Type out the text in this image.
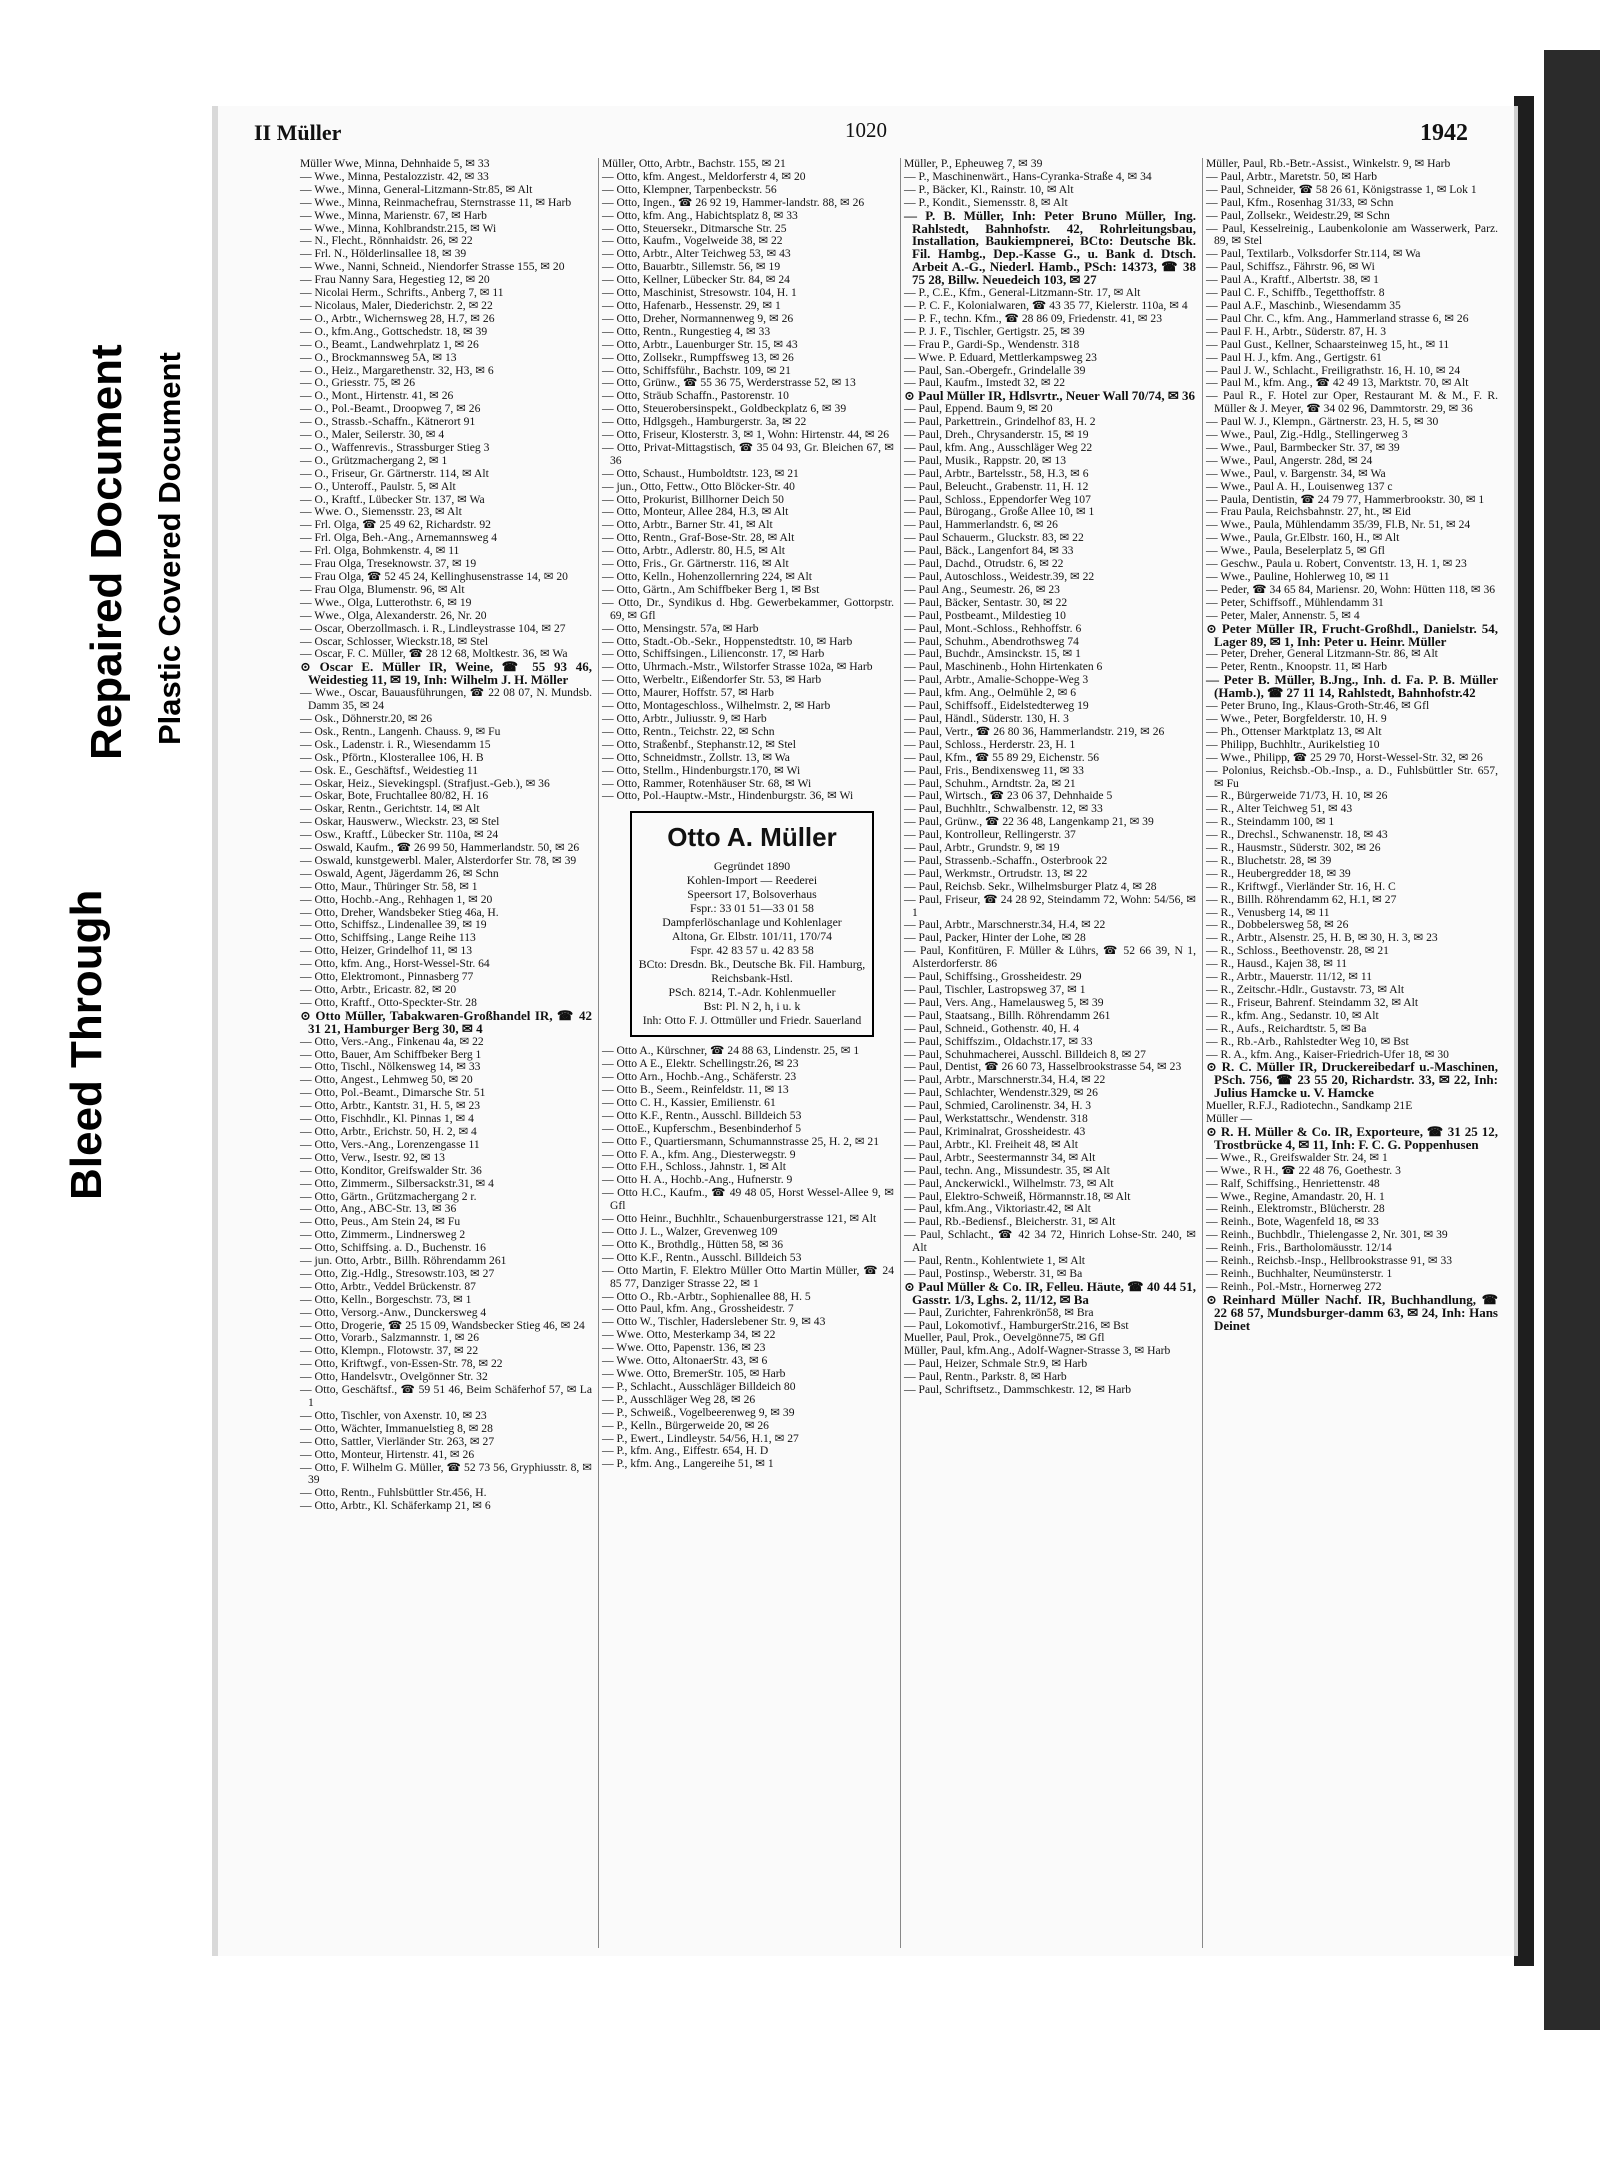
Bleed Through
Repaired Document Plastic Covered Document
II Müller	1020	1942
Müller Wwe, Minna, Dehnhaide 5, ✉ 33
— Wwe., Minna, Pestalozzistr. 42, ✉ 33
— Wwe., Minna, General-Litzmann-Str.85, ✉ Alt
— Wwe., Minna, Reinmachefrau, Sternstrasse 11, ✉ Harb
— Wwe., Minna, Marienstr. 67, ✉ Harb
— Wwe., Minna, Kohlbrandstr.215, ✉ Wi
— N., Flecht., Rönnhaidstr. 26, ✉ 22
— Frl. N., Hölderlinsallee 18, ✉ 39
— Wwe., Nanni, Schneid., Niendorfer Strasse 155, ✉ 20
— Frau Nanny Sara, Hegestieg 12, ✉ 20
— Nicolai Herm., Schrifts., Anberg 7, ✉ 11
— Nicolaus, Maler, Diederichstr. 2, ✉ 22
— O., Arbtr., Wichernsweg 28, H.7, ✉ 26
— O., kfm.Ang., Gottschedstr. 18, ✉ 39
— O., Beamt., Landwehrplatz 1, ✉ 26
— O., Brockmannsweg 5A, ✉ 13
— O., Heiz., Margarethenstr. 32, H3, ✉ 6
— O., Griesstr. 75, ✉ 26
— O., Mont., Hirtenstr. 41, ✉ 26
— O., Pol.-Beamt., Droopweg 7, ✉ 26
— O., Strassb.-Schaffn., Kätnerort 91
— O., Maler, Seilerstr. 30, ✉ 4
— O., Waffenrevis., Strassburger Stieg 3
— O., Grützmachergang 2, ✉ 1
— O., Friseur, Gr. Gärtnerstr. 114, ✉ Alt
— O., Unteroff., Paulstr. 5, ✉ Alt
— O., Kraftf., Lübecker Str. 137, ✉ Wa
— Wwe. O., Siemensstr. 23, ✉ Alt
— Frl. Olga, ☎ 25 49 62, Richardstr. 92
— Frl. Olga, Beh.-Ang., Arnemannsweg 4
— Frl. Olga, Bohmkenstr. 4, ✉ 11
— Frau Olga, Treseknowstr. 37, ✉ 19
— Frau Olga, ☎ 52 45 24, Kellinghusenstrasse 14, ✉ 20
— Frau Olga, Blumenstr. 96, ✉ Alt
— Wwe., Olga, Lutterothstr. 6, ✉ 19
— Wwe., Olga, Alexanderstr. 26, Nr. 20
— Oscar, Oberzollmasch. i. R., Lindleystrasse 104, ✉ 27
— Oscar, Schlosser, Wieckstr.18, ✉ Stel
— Oscar, F. C. Müller, ☎ 28 12 68, Moltkestr. 36, ✉ Wa
⊙ Oscar E. Müller IR, Weine, ☎ 55 93 46, Weidestieg 11, ✉ 19, Inh: Wilhelm J. H. Möller
— Wwe., Oscar, Bauausführungen, ☎ 22 08 07, N. Mundsb. Damm 35, ✉ 24
— Osk., Döhnerstr.20, ✉ 26
— Osk., Rentn., Langenh. Chauss. 9, ✉ Fu
— Osk., Ladenstr. i. R., Wiesendamm 15
— Osk., Pförtn., Klosterallee 106, H. B
— Osk. E., Geschäftsf., Weidestieg 11
— Oskar, Heiz., Sievekingspl. (Strafjust.-Geb.), ✉ 36
— Oskar, Bote, Fruchtallee 80/82, H. 16
— Oskar, Rentn., Gerichtstr. 14, ✉ Alt
— Oskar, Hauswerw., Wieckstr. 23, ✉ Stel
— Osw., Kraftf., Lübecker Str. 110a, ✉ 24
— Oswald, Kaufm., ☎ 26 99 50, Hammerlandstr. 50, ✉ 26
— Oswald, kunstgewerbl. Maler, Alsterdorfer Str. 78, ✉ 39
— Oswald, Agent, Jägerdamm 26, ✉ Schn
— Otto, Maur., Thüringer Str. 58, ✉ 1
— Otto, Hochb.-Ang., Rehhagen 1, ✉ 20
— Otto, Dreher, Wandsbeker Stieg 46a, H.
— Otto, Schiffsz., Lindenallee 39, ✉ 19
— Otto, Schiffsing., Lange Reihe 113
— Otto, Heizer, Grindelhof 11, ✉ 13
— Otto, kfm. Ang., Horst-Wessel-Str. 64
— Otto, Elektromont., Pinnasberg 77
— Otto, Arbtr., Ericastr. 82, ✉ 20
— Otto, Kraftf., Otto-Speckter-Str. 28
⊙ Otto Müller, Tabakwaren-Großhandel IR, ☎ 42 31 21, Hamburger Berg 30, ✉ 4
— Otto, Vers.-Ang., Finkenau 4a, ✉ 22
— Otto, Bauer, Am Schiffbeker Berg 1
— Otto, Tischl., Nölkensweg 14, ✉ 33
— Otto, Angest., Lehmweg 50, ✉ 20
— Otto, Pol.-Beamt., Dimarsche Str. 51
— Otto, Arbtr., Kantstr. 31, H. 5, ✉ 23
— Otto, Fischhdlr., Kl. Pinnas 1, ✉ 4
— Otto, Arbtr., Erichstr. 50, H. 2, ✉ 4
— Otto, Vers.-Ang., Lorenzengasse 11
— Otto, Verw., Isestr. 92, ✉ 13
— Otto, Konditor, Greifswalder Str. 36
— Otto, Zimmerm., Silbersackstr.31, ✉ 4
— Otto, Gärtn., Grützmachergang 2 r.
— Otto, Ang., ABC-Str. 13, ✉ 36
— Otto, Peus., Am Stein 24, ✉ Fu
— Otto, Zimmerm., Lindnersweg 2
— Otto, Schiffsing. a. D., Buchenstr. 16
— jun. Otto, Arbtr., Billh. Röhrendamm 261
— Otto, Zig.-Hdlg., Stresowstr.103, ✉ 27
— Otto, Arbtr., Veddel Brückenstr. 87
— Otto, Kelln., Borgeschstr. 73, ✉ 1
— Otto, Versorg.-Anw., Dunckersweg 4
— Otto, Drogerie, ☎ 25 15 09, Wandsbecker Stieg 46, ✉ 24
— Otto, Vorarb., Salzmannstr. 1, ✉ 26
— Otto, Klempn., Flotowstr. 37, ✉ 22
— Otto, Kriftwgf., von-Essen-Str. 78, ✉ 22
— Otto, Handelsvtr., Ovelgönner Str. 32
— Otto, Geschäftsf., ☎ 59 51 46, Beim Schäferhof 57, ✉ La 1
— Otto, Tischler, von Axenstr. 10, ✉ 23
— Otto, Wächter, Immanuelstieg 8, ✉ 28
— Otto, Sattler, Vierländer Str. 263, ✉ 27
— Otto, Monteur, Hirtenstr. 41, ✉ 26
— Otto, F. Wilhelm G. Müller, ☎ 52 73 56, Gryphiusstr. 8, ✉ 39
— Otto, Rentn., Fuhlsbüttler Str.456, H.
— Otto, Arbtr., Kl. Schäferkamp 21, ✉ 6
Müller, Otto, Arbtr., Bachstr. 155, ✉ 21
— Otto, kfm. Angest., Meldorferstr 4, ✉ 20
— Otto, Klempner, Tarpenbeckstr. 56
— Otto, Ingen., ☎ 26 92 19, Hammer-landstr. 88, ✉ 26
— Otto, kfm. Ang., Habichtsplatz 8, ✉ 33
— Otto, Steuersekr., Ditmarsche Str. 25
— Otto, Kaufm., Vogelweide 38, ✉ 22
— Otto, Arbtr., Alter Teichweg 53, ✉ 43
— Otto, Bauarbtr., Sillemstr. 56, ✉ 19
— Otto, Kellner, Lübecker Str. 84, ✉ 24
— Otto, Maschinist, Stresowstr. 104, H. 1
— Otto, Hafenarb., Hessenstr. 29, ✉ 1
— Otto, Dreher, Normannenweg 9, ✉ 26
— Otto, Rentn., Rungestieg 4, ✉ 33
— Otto, Arbtr., Lauenburger Str. 15, ✉ 43
— Otto, Zollsekr., Rumpffsweg 13, ✉ 26
— Otto, Schiffsführ., Bachstr. 109, ✉ 21
— Otto, Grünw., ☎ 55 36 75, Werderstrasse 52, ✉ 13
— Otto, Sträub Schaffn., Pastorenstr. 10
— Otto, Steuerobersinspekt., Goldbeckplatz 6, ✉ 39
— Otto, Hdlgsgeh., Hamburgerstr. 3a, ✉ 22
— Otto, Friseur, Klosterstr. 3, ✉ 1, Wohn: Hirtenstr. 44, ✉ 26
— Otto, Privat-Mittagstisch, ☎ 35 04 93, Gr. Bleichen 67, ✉ 36
— Otto, Schaust., Humboldtstr. 123, ✉ 21
— jun., Otto, Fettw., Otto Blöcker-Str. 40
— Otto, Prokurist, Billhorner Deich 50
— Otto, Monteur, Allee 284, H.3, ✉ Alt
— Otto, Arbtr., Barner Str. 41, ✉ Alt
— Otto, Rentn., Graf-Bose-Str. 28, ✉ Alt
— Otto, Arbtr., Adlerstr. 80, H.5, ✉ Alt
— Otto, Fris., Gr. Gärtnerstr. 116, ✉ Alt
— Otto, Kelln., Hohenzollernring 224, ✉ Alt
— Otto, Gärtn., Am Schiffbeker Berg 1, ✉ Bst
— Otto, Dr., Syndikus d. Hbg. Gewerbekammer, Gottorpstr. 69, ✉ Gfl
— Otto, Mensingstr. 57a, ✉ Harb
— Otto, Stadt.-Ob.-Sekr., Hoppenstedtstr. 10, ✉ Harb
— Otto, Schiffsingen., Lilienconstr. 17, ✉ Harb
— Otto, Uhrmach.-Mstr., Wilstorfer Strasse 102a, ✉ Harb
— Otto, Werbeltr., Eißendorfer Str. 53, ✉ Harb
— Otto, Maurer, Hoffstr. 57, ✉ Harb
— Otto, Montageschloss., Wilhelmstr. 2, ✉ Harb
— Otto, Arbtr., Juliusstr. 9, ✉ Harb
— Otto, Rentn., Teichstr. 22, ✉ Schn
— Otto, Straßenbf., Stephanstr.12, ✉ Stel
— Otto, Schneidmstr., Zollstr. 13, ✉ Wa
— Otto, Stellm., Hindenburgstr.170, ✉ Wi
— Otto, Rammer, Rotenhäuser Str. 68, ✉ Wi
— Otto, Pol.-Hauptw.-Mstr., Hindenburgstr. 36, ✉ Wi
Otto A. Müller
Gegründet 1890
Kohlen-Import — Reederei
Speersort 17, Bolsoverhaus
Fspr.: 33 01 51—33 01 58
Dampferlöschanlage und Kohlenlager
Altona, Gr. Elbstr. 101/11, 170/74
Fspr. 42 83 57 u. 42 83 58
BCto: Dresdn. Bk., Deutsche Bk. Fil. Hamburg, Reichsbank-Hstl.
PSch. 8214, T.-Adr. Kohlenmueller
Bst: Pl. N 2, h, i u. k
Inh: Otto F. J. Ottmüller und Friedr. Sauerland
— Otto A., Kürschner, ☎ 24 88 63, Lindenstr. 25, ✉ 1
— Otto A E., Elektr. Schellingstr.26, ✉ 23
— Otto Arn., Hochb.-Ang., Schäferstr. 23
— Otto B., Seem., Reinfeldstr. 11, ✉ 13
— Otto C. H., Kassier, Emilienstr. 61
— Otto K.F., Rentn., Ausschl. Billdeich 53
— OttoE., Kupferschm., Besenbinderhof 5
— Otto F., Quartiersmann, Schumannstrasse 25, H. 2, ✉ 21
— Otto F. A., kfm. Ang., Diesterwegstr. 9
— Otto F.H., Schloss., Jahnstr. 1, ✉ Alt
— Otto H. A., Hochb.-Ang., Hufnerstr. 9
— Otto H.C., Kaufm., ☎ 49 48 05, Horst Wessel-Allee 9, ✉ Gfl
— Otto Heinr., Buchhltr., Schauenburgerstrasse 121, ✉ Alt
— Otto J. L., Walzer, Grevenweg 109
— Otto K., Brothdlg., Hütten 58, ✉ 36
— Otto K.F., Rentn., Ausschl. Billdeich 53
— Otto Martin, F. Elektro Müller Otto Martin Müller, ☎ 24 85 77, Danziger Strasse 22, ✉ 1
— Otto O., Rb.-Arbtr., Sophienallee 88, H. 5
— Otto Paul, kfm. Ang., Grossheidestr. 7
— Otto W., Tischler, Haderslebener Str. 9, ✉ 43
— Wwe. Otto, Mesterkamp 34, ✉ 22
— Wwe. Otto, Papenstr. 136, ✉ 23
— Wwe. Otto, AltonaerStr. 43, ✉ 6
— Wwe. Otto, BremerStr. 105, ✉ Harb
— P., Schlacht., Ausschläger Billdeich 80
— P., Ausschläger Weg 28, ✉ 26
— P., Schweiß., Vogelbeerenweg 9, ✉ 39
— P., Kelln., Bürgerweide 20, ✉ 26
— P., Ewert., Lindleystr. 54/56, H.1, ✉ 27
— P., kfm. Ang., Eiffestr. 654, H. D
— P., kfm. Ang., Langereihe 51, ✉ 1
Müller, P., Epheuweg 7, ✉ 39
— P., Maschinenwärt., Hans-Cyranka-Straße 4, ✉ 34
— P., Bäcker, Kl., Rainstr. 10, ✉ Alt
— P., Kondit., Siemensstr. 8, ✉ Alt
— P. B. Müller, Inh: Peter Bruno Müller, Ing. Rahlstedt, Bahnhofstr. 42, Rohrleitungsbau, Installation, Baukiempnerei, BCto: Deutsche Bk. Fil. Hambg., Dep.-Kasse G., u. Bank d. Dtsch. Arbeit A.-G., Niederl. Hamb., PSch: 14373, ☎ 38 75 28, Billw. Neuedeich 103, ✉ 27
— P., C.E., Kfm., General-Litzmann-Str. 17, ✉ Alt
— P. C. F., Kolonialwaren, ☎ 43 35 77, Kielerstr. 110a, ✉ 4
— P. F., techn. Kfm., ☎ 28 86 09, Friedenstr. 41, ✉ 23
— P. J. F., Tischler, Gertigstr. 25, ✉ 39
— Frau P., Gardi-Sp., Wendenstr. 318
— Wwe. P. Eduard, Mettlerkampsweg 23
— Paul, San.-Obergefr., Grindelalle 39
— Paul, Kaufm., Imstedt 32, ✉ 22
⊙ Paul Müller IR, Hdlsvrtr., Neuer Wall 70/74, ✉ 36
— Paul, Eppend. Baum 9, ✉ 20
— Paul, Parkettrein., Grindelhof 83, H. 2
— Paul, Dreh., Chrysanderstr. 15, ✉ 19
— Paul, kfm. Ang., Ausschläger Weg 22
— Paul, Musik., Rappstr. 20, ✉ 13
— Paul, Arbtr., Bartelsstr., 58, H.3, ✉ 6
— Paul, Beleucht., Grabenstr. 11, H. 12
— Paul, Schloss., Eppendorfer Weg 107
— Paul, Bürogang., Große Allee 10, ✉ 1
— Paul, Hammerlandstr. 6, ✉ 26
— Paul Schauerm., Gluckstr. 83, ✉ 22
— Paul, Bäck., Langenfort 84, ✉ 33
— Paul, Dachd., Otrudstr. 6, ✉ 22
— Paul, Autoschloss., Weidestr.39, ✉ 22
— Paul Ang., Seumestr. 26, ✉ 23
— Paul, Bäcker, Sentastr. 30, ✉ 22
— Paul, Postbeamt., Mildestieg 10
— Paul, Mont.-Schloss., Rehhoffstr. 6
— Paul, Schuhm., Abendrothsweg 74
— Paul, Buchdr., Amsinckstr. 15, ✉ 1
— Paul, Maschinenb., Hohn Hirtenkaten 6
— Paul, Arbtr., Amalie-Schoppe-Weg 3
— Paul, kfm. Ang., Oelmühle 2, ✉ 6
— Paul, Schiffsoff., Eidelstedterweg 19
— Paul, Händl., Süderstr. 130, H. 3
— Paul, Vertr., ☎ 26 80 36, Hammerlandstr. 219, ✉ 26
— Paul, Schloss., Herderstr. 23, H. 1
— Paul, Kfm., ☎ 55 89 29, Eichenstr. 56
— Paul, Fris., Bendixensweg 11, ✉ 33
— Paul, Schuhm., Arndtstr. 2a, ✉ 21
— Paul, Wirtsch., ☎ 23 06 37, Dehnhaide 5
— Paul, Buchhltr., Schwalbenstr. 12, ✉ 33
— Paul, Grünw., ☎ 22 36 48, Langenkamp 21, ✉ 39
— Paul, Kontrolleur, Rellingerstr. 37
— Paul, Arbtr., Grundstr. 9, ✉ 19
— Paul, Strassenb.-Schaffn., Osterbrook 22
— Paul, Werkmstr., Ortrudstr. 13, ✉ 22
— Paul, Reichsb. Sekr., Wilhelmsburger Platz 4, ✉ 28
— Paul, Friseur, ☎ 24 28 92, Steindamm 72, Wohn: 54/56, ✉ 1
— Paul, Arbtr., Marschnerstr.34, H.4, ✉ 22
— Paul, Packer, Hinter der Lohe, ✉ 28
— Paul, Konfitüren, F. Müller & Lührs, ☎ 52 66 39, N 1, Alsterdorferstr. 86
— Paul, Schiffsing., Grossheidestr. 29
— Paul, Tischler, Lastropsweg 37, ✉ 1
— Paul, Vers. Ang., Hamelausweg 5, ✉ 39
— Paul, Staatsang., Billh. Röhrendamm 261
— Paul, Schneid., Gothenstr. 40, H. 4
— Paul, Schiffszim., Oldachstr.17, ✉ 33
— Paul, Schuhmacherei, Ausschl. Billdeich 8, ✉ 27
— Paul, Dentist, ☎ 26 60 73, Hasselbrookstrasse 54, ✉ 23
— Paul, Arbtr., Marschnerstr.34, H.4, ✉ 22
— Paul, Schlachter, Wendenstr.329, ✉ 26
— Paul, Schmied, Carolinenstr. 34, H. 3
— Paul, Werkstattschr., Wendenstr. 318
— Paul, Kriminalrat, Grossheidestr. 43
— Paul, Arbtr., Kl. Freiheit 48, ✉ Alt
— Paul, Arbtr., Seestermannstr 34, ✉ Alt
— Paul, techn. Ang., Missundestr. 35, ✉ Alt
— Paul, Anckerwickl., Wilhelmstr. 73, ✉ Alt
— Paul, Elektro-Schweiß, Hörmannstr.18, ✉ Alt
— Paul, kfm.Ang., Viktoriastr.42, ✉ Alt
— Paul, Rb.-Bediensf., Bleicherstr. 31, ✉ Alt
— Paul, Schlacht., ☎ 42 34 72, Hinrich Lohse-Str. 240, ✉ Alt
— Paul, Rentn., Kohlentwiete 1, ✉ Alt
— Paul, Postinsp., Weberstr. 31, ✉ Ba
⊙ Paul Müller & Co. IR, Felleu. Häute, ☎ 40 44 51, Gasstr. 1/3, Lghs. 2, 11/12, ✉ Ba
— Paul, Zurichter, Fahrenkrön58, ✉ Bra
— Paul, Lokomotivf., HamburgerStr.216, ✉ Bst
Mueller, Paul, Prok., Oevelgönne75, ✉ Gfl
Müller, Paul, kfm.Ang., Adolf-Wagner-Strasse 3, ✉ Harb
— Paul, Heizer, Schmale Str.9, ✉ Harb
— Paul, Rentn., Parkstr. 8, ✉ Harb
— Paul, Schriftsetz., Dammschkestr. 12, ✉ Harb
Müller, Paul, Rb.-Betr.-Assist., Winkelstr. 9, ✉ Harb
— Paul, Arbtr., Maretstr. 50, ✉ Harb
— Paul, Schneider, ☎ 58 26 61, Königstrasse 1, ✉ Lok 1
— Paul, Kfm., Rosenhag 31/33, ✉ Schn
— Paul, Zollsekr., Weidestr.29, ✉ Schn
— Paul, Kesselreinig., Laubenkolonie am Wasserwerk, Parz. 89, ✉ Stel
— Paul, Textilarb., Volksdorfer Str.114, ✉ Wa
— Paul, Schiffsz., Fährstr. 96, ✉ Wi
— Paul A., Kraftf., Albertstr. 38, ✉ 1
— Paul C. F., Schiffb., Tegetthoffstr. 8
— Paul A.F., Maschinb., Wiesendamm 35
— Paul Chr. C., kfm. Ang., Hammerland strasse 6, ✉ 26
— Paul F. H., Arbtr., Süderstr. 87, H. 3
— Paul Gust., Kellner, Schaarsteinweg 15, ht., ✉ 11
— Paul H. J., kfm. Ang., Gertigstr. 61
— Paul J. W., Schlacht., Freiligrathstr. 16, H. 10, ✉ 24
— Paul M., kfm. Ang., ☎ 42 49 13, Marktstr. 70, ✉ Alt
— Paul R., F. Hotel zur Oper, Restaurant M. & M., F. R. Müller & J. Meyer, ☎ 34 02 96, Dammtorstr. 29, ✉ 36
— Paul W. J., Klempn., Gärtnerstr. 23, H. 5, ✉ 30
— Wwe., Paul, Zig.-Hdlg., Stellingerweg 3
— Wwe., Paul, Barmbecker Str. 37, ✉ 39
— Wwe., Paul, Angerstr. 28d, ✉ 24
— Wwe., Paul, v. Bargenstr. 34, ✉ Wa
— Wwe., Paul A. H., Louisenweg 137 c
— Paula, Dentistin, ☎ 24 79 77, Hammerbrookstr. 30, ✉ 1
— Frau Paula, Reichsbahnstr. 27, ht., ✉ Eid
— Wwe., Paula, Mühlendamm 35/39, Fl.B, Nr. 51, ✉ 24
— Wwe., Paula, Gr.Elbstr. 160, H., ✉ Alt
— Wwe., Paula, Beselerplatz 5, ✉ Gfl
— Geschw., Paula u. Robert, Conventstr. 13, H. 1, ✉ 23
— Wwe., Pauline, Hohlerweg 10, ✉ 11
— Peder, ☎ 34 65 84, Mariensr. 20, Wohn: Hütten 118, ✉ 36
— Peter, Schiffsoff., Mühlendamm 31
— Peter, Maler, Annenstr. 5, ✉ 4
⊙ Peter Müller IR, Frucht-Großhdl., Danielstr. 54, Lager 89, ✉ 1, Inh: Peter u. Heinr. Müller
— Peter, Dreher, General Litzmann-Str. 86, ✉ Alt
— Peter, Rentn., Knoopstr. 11, ✉ Harb
— Peter B. Müller, B.Jng., Inh. d. Fa. P. B. Müller (Hamb.), ☎ 27 11 14, Rahlstedt, Bahnhofstr.42
— Peter Bruno, Ing., Klaus-Groth-Str.46, ✉ Gfl
— Wwe., Peter, Borgfelderstr. 10, H. 9
— Ph., Ottenser Marktplatz 13, ✉ Alt
— Philipp, Buchhltr., Aurikelstieg 10
— Wwe., Philipp, ☎ 25 29 70, Horst-Wessel-Str. 32, ✉ 26
— Polonius, Reichsb.-Ob.-Insp., a. D., Fuhlsbüttler Str. 657, ✉ Fu
— R., Bürgerweide 71/73, H. 10, ✉ 26
— R., Alter Teichweg 51, ✉ 43
— R., Steindamm 100, ✉ 1
— R., Drechsl., Schwanenstr. 18, ✉ 43
— R., Hausmstr., Süderstr. 302, ✉ 26
— R., Bluchetstr. 28, ✉ 39
— R., Heubergredder 18, ✉ 39
— R., Kriftwgf., Vierländer Str. 16, H. C
— R., Billh. Röhrendamm 62, H.1, ✉ 27
— R., Venusberg 14, ✉ 11
— R., Dobbelersweg 58, ✉ 26
— R., Arbtr., Alsenstr. 25, H. B, ✉ 30, H. 3, ✉ 23
— R., Schloss., Beethovenstr. 28, ✉ 21
— R., Hausd., Kajen 38, ✉ 11
— R., Arbtr., Mauerstr. 11/12, ✉ 11
— R., Zeitschr.-Hdlr., Gustavstr. 73, ✉ Alt
— R., Friseur, Bahrenf. Steindamm 32, ✉ Alt
— R., kfm. Ang., Sedanstr. 10, ✉ Alt
— R., Aufs., Reichardtstr. 5, ✉ Ba
— R., Rb.-Arb., Rahlstedter Weg 10, ✉ Bst
— R. A., kfm. Ang., Kaiser-Friedrich-Ufer 18, ✉ 30
⊙ R. C. Müller IR, Druckereibedarf u.-Maschinen, PSch. 756, ☎ 23 55 20, Richardstr. 33, ✉ 22, Inh: Julius Hamcke u. V. Hamcke
Mueller, R.F.J., Radiotechn., Sandkamp 21E
Müller —
⊙ R. H. Müller & Co. IR, Exporteure, ☎ 31 25 12, Trostbrücke 4, ✉ 11, Inh: F. C. G. Poppenhusen
— Wwe., R., Greifswalder Str. 24, ✉ 1
— Wwe., R H., ☎ 22 48 76, Goethestr. 3
— Ralf, Schiffsing., Henriettenstr. 48
— Wwe., Regine, Amandastr. 20, H. 1
— Reinh., Elektromstr., Blücherstr. 28
— Reinh., Bote, Wagenfeld 18, ✉ 33
— Reinh., Buchbdlr., Thielengasse 2, Nr. 301, ✉ 39
— Reinh., Fris., Bartholomäusstr. 12/14
— Reinh., Reichsb.-Insp., Hellbrookstrasse 91, ✉ 33
— Reinh., Buchhalter, Neumünsterstr. 1
— Reinh., Pol.-Mstr., Hornerweg 272
⊙ Reinhard Müller Nachf. IR, Buchhandlung, ☎ 22 68 57, Mundsburger-damm 63, ✉ 24, Inh: Hans Deinet
